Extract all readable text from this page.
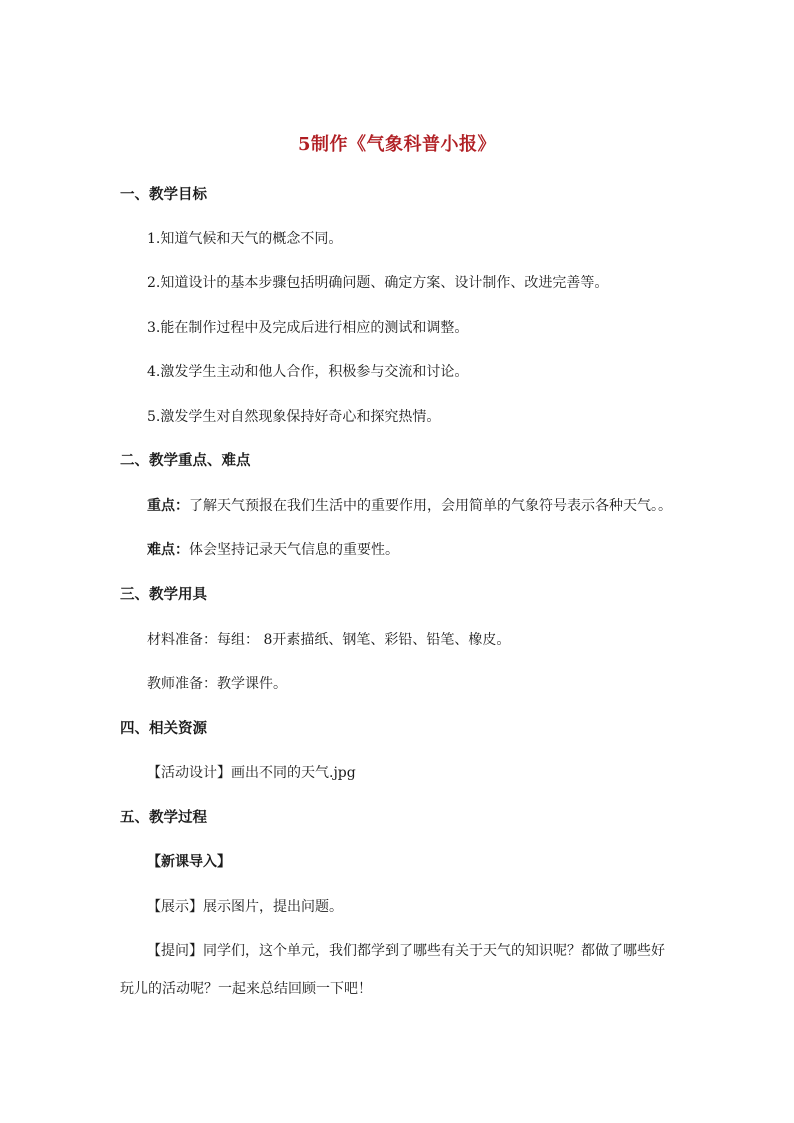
5制作《气象科普小报》
一、教学目标
1.知道气候和天气的概念不同。
2.知道设计的基本步骤包括明确问题、确定方案、设计制作、改进完善等。
3.能在制作过程中及完成后进行相应的测试和调整。
4.激发学生主动和他人合作，积极参与交流和讨论。
5.激发学生对自然现象保持好奇心和探究热情。
二、教学重点、难点
重点：了解天气预报在我们生活中的重要作用，会用简单的气象符号表示各种天气。。
难点：体会坚持记录天气信息的重要性。
三、教学用具
材料准备：每组： 8开素描纸、钢笔、彩铅、铅笔、橡皮。
教师准备：教学课件。
四、相关资源
【活动设计】画出不同的天气.jpg
五、教学过程
【新课导入】
【展示】展示图片，提出问题。
【提问】同学们，这个单元，我们都学到了哪些有关于天气的知识呢？都做了哪些好玩儿的活动呢？一起来总结回顾一下吧！
